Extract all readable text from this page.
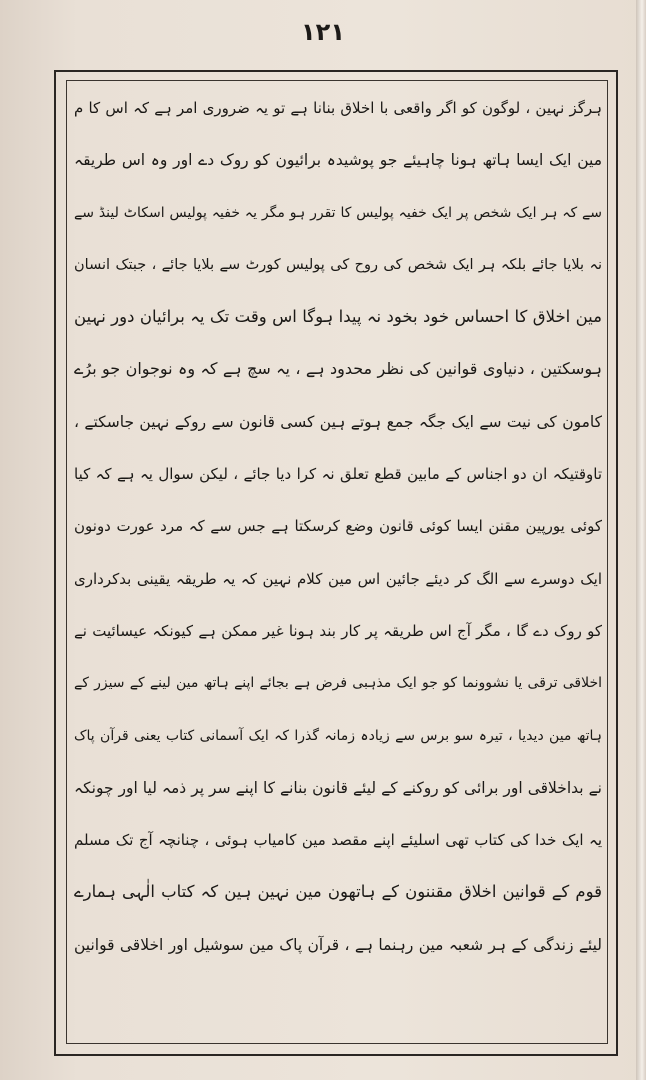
۱۲۱
ہرگز نہین ، لوگون کو اگر واقعی با اخلاق بنانا ہے تو یہ ضروری امر ہے کہ اس کا م
مین ایک ایسا ہاتھ ہونا چاہیئے جو پوشیدہ برائیون کو روک دے اور وہ اس طریقہ
سے کہ ہر ایک شخص پر ایک خفیہ پولیس کا تقرر ہو مگر یہ خفیہ پولیس اسکاٹ لینڈ سے
نہ بلایا جائے بلکہ ہر ایک شخص کی روح کی پولیس کورٹ سے بلایا جائے ، جبتک انسان
مین اخلاق کا احساس خود بخود نہ پیدا ہوگا اس وقت تک یہ برائیان دور نہین
ہوسکتین ، دنیاوی قوانین کی نظر محدود ہے ، یہ سچ ہے کہ وہ نوجوان جو برُے
کامون کی نیت سے ایک جگہ جمع ہوتے ہین کسی قانون سے روکے نہین جاسکتے ،
تاوقتیکہ ان دو اجناس کے مابین قطع تعلق نہ کرا دیا جائے ، لیکن سوال یہ ہے کہ کیا
کوئی یورپین مقنن ایسا کوئی قانون وضع کرسکتا ہے جس سے کہ مرد عورت دونون
ایک دوسرے سے الگ کر دیئے جائین اس مین کلام نہین کہ یہ طریقہ یقینی بدکرداری
کو روک دے گا ، مگر آج اس طریقہ پر کار بند ہونا غیر ممکن ہے کیونکہ عیسائیت نے
اخلاقی ترقی یا نشوونما کو جو ایک مذہبی فرض ہے بجائے اپنے ہاتھ مین لینے کے سیزر کے
ہاتھ مین دیدیا ، تیرہ سو برس سے زیادہ زمانہ گذرا کہ ایک آسمانی کتاب یعنی قرآن پاک
نے بداخلاقی اور برائی کو روکنے کے لیئے قانون بنانے کا اپنے سر پر ذمہ لیا اور چونکہ
یہ ایک خدا کی کتاب تھی اسلیئے اپنے مقصد مین کامیاب ہوئی ، چنانچہ آج تک مسلم
قوم کے قوانین اخلاق مقننون کے ہاتھون مین نہین ہین کہ کتاب الٰہی ہمارے
لیئے زندگی کے ہر شعبہ مین رہنما ہے ، قرآن پاک مین سوشیل اور اخلاقی قوانین
